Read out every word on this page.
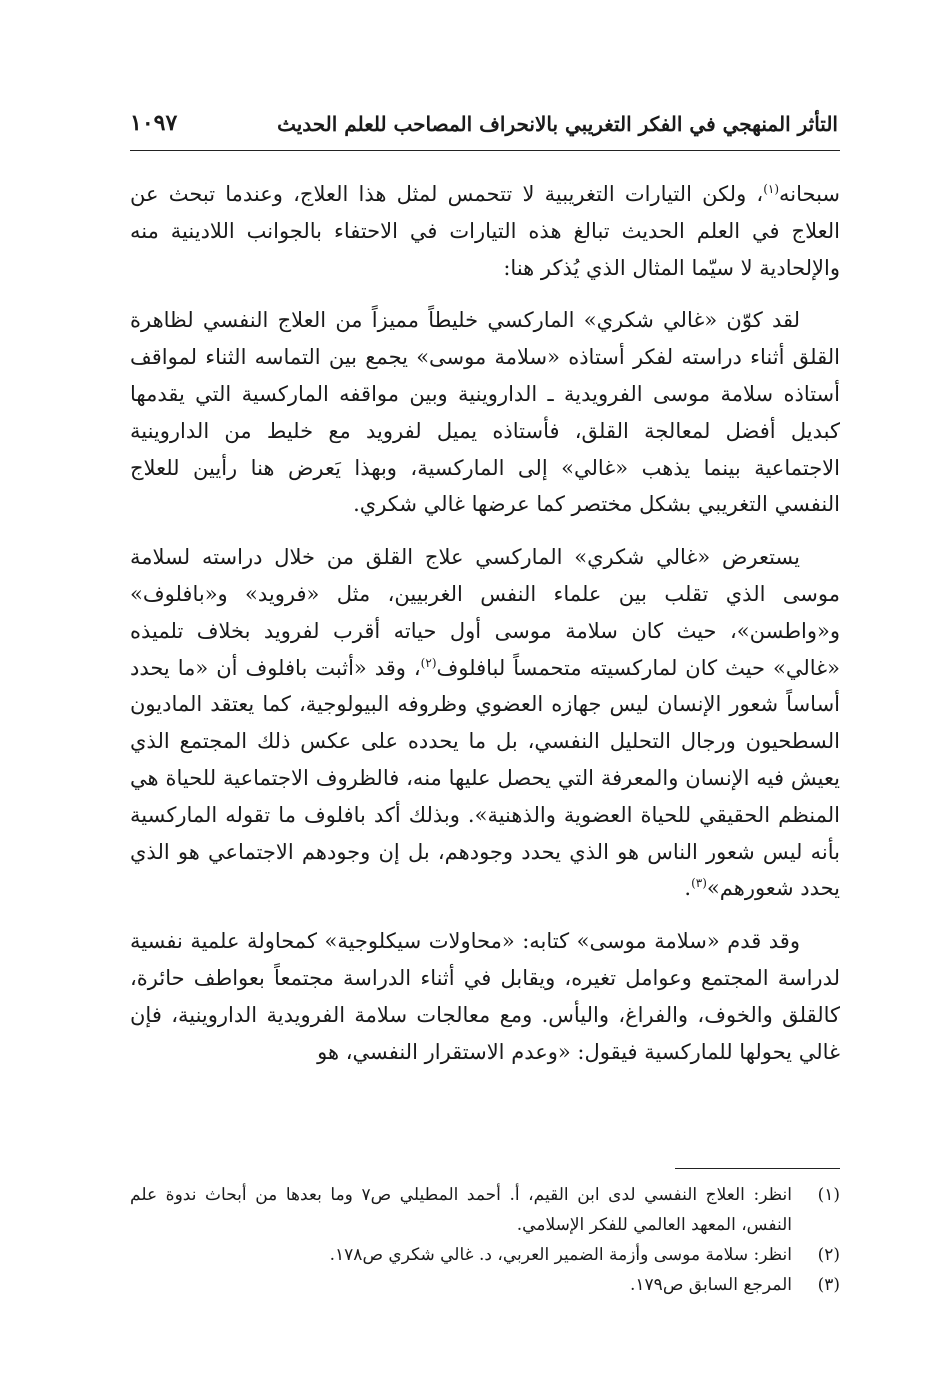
التأثر المنهجي في الفكر التغريبي بالانحراف المصاحب للعلم الحديث
١٠٩٧

سبحانه$^{(١)}$، ولكن التيارات التغريبية لا تتحمس لمثل هذا العلاج، وعندما تبحث عن العلاج في العلم الحديث تبالغ هذه التيارات في الاحتفاء بالجوانب اللادينية منه والإلحادية لا سيّما المثال الذي يُذكر هنا:

لقد كوّن «غالي شكري» الماركسي خليطاً مميزاً من العلاج النفسي لظاهرة القلق أثناء دراسته لفكر أستاذه «سلامة موسى» يجمع بين التماسه الثناء لمواقف أستاذه سلامة موسى الفرويدية ـ الداروينية وبين مواقفه الماركسية التي يقدمها كبديل أفضل لمعالجة القلق، فأستاذه يميل لفرويد مع خليط من الداروينية الاجتماعية بينما يذهب «غالي» إلى الماركسية، وبهذا يَعرض هنا رأيين للعلاج النفسي التغريبي بشكل مختصر كما عرضها غالي شكري.

يستعرض «غالي شكري» الماركسي علاج القلق من خلال دراسته لسلامة موسى الذي تقلب بين علماء النفس الغربيين، مثل «فرويد» و«بافلوف» و«واطسن»، حيث كان سلامة موسى أول حياته أقرب لفرويد بخلاف تلميذه «غالي» حيث كان لماركسيته متحمساً لبافلوف$^{(٢)}$، وقد «أثبت بافلوف أن «ما يحدد أساساً شعور الإنسان ليس جهازه العضوي وظروفه البيولوجية، كما يعتقد الماديون السطحيون ورجال التحليل النفسي، بل ما يحدده على عكس ذلك المجتمع الذي يعيش فيه الإنسان والمعرفة التي يحصل عليها منه، فالظروف الاجتماعية للحياة هي المنظم الحقيقي للحياة العضوية والذهنية». وبذلك أكد بافلوف ما تقوله الماركسية بأنه ليس شعور الناس هو الذي يحدد وجودهم، بل إن وجودهم الاجتماعي هو الذي يحدد شعورهم»$^{(٣)}$.

وقد قدم «سلامة موسى» كتابه: «محاولات سيكلوجية» كمحاولة علمية نفسية لدراسة المجتمع وعوامل تغيره، ويقابل في أثناء الدراسة مجتمعاً بعواطف حائرة، كالقلق والخوف، والفراغ، واليأس. ومع معالجات سلامة الفرويدية الداروينية، فإن غالي يحولها للماركسية فيقول: «وعدم الاستقرار النفسي، هو

(١)
انظر: العلاج النفسي لدى ابن القيم، أ. أحمد المطيلي ص٧ وما بعدها من أبحاث ندوة علم النفس، المعهد العالمي للفكر الإسلامي.
(٢)
انظر: سلامة موسى وأزمة الضمير العربي، د. غالي شكري ص١٧٨.
(٣)
المرجع السابق ص١٧٩.
